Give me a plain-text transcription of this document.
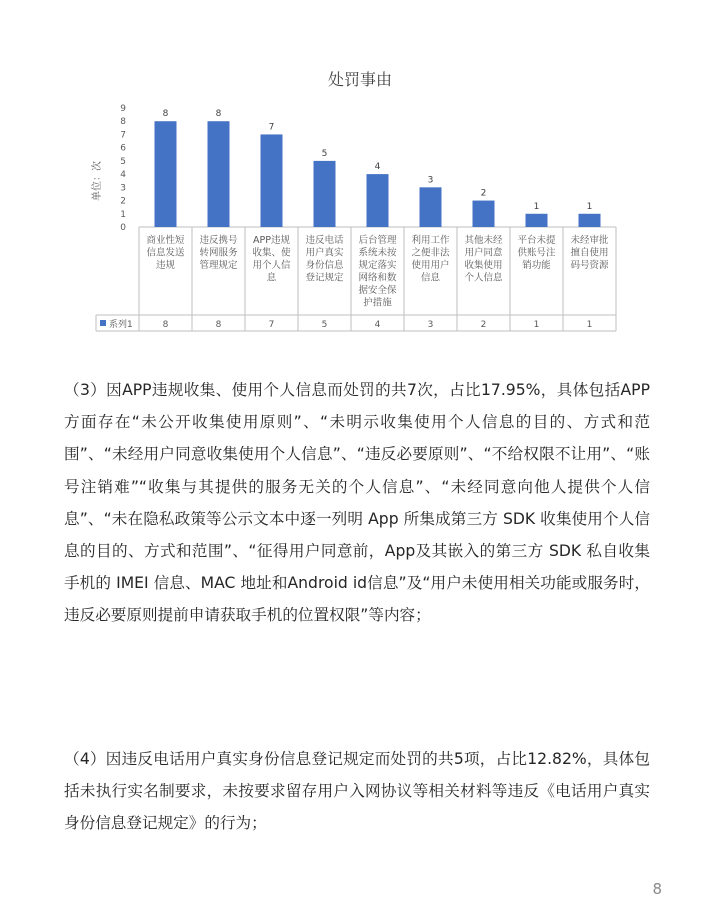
处罚事由
单位：次
0
1
2
3
4
5
6
7
8
9
8
商业性短信息发送违规
8
8
违反携号转网服务管理规定
8
7
APP违规收集、使用个人信息
7
5
违反电话用户真实身份信息登记规定
5
4
后台管理系统未按规定落实网络和数据安全保护措施
4
3
利用工作之便非法使用用户信息
3
2
其他未经用户同意收集使用个人信息
2
1
平台未提供账号注销功能
1
1
未经审批擅自使用码号资源
1
系列1

（3）因APP违规收集、使用个人信息而处罚的共7次，占比17.95%，具体包括APP方面存在“未公开收集使用原则”、“未明示收集使用个人信息的目的、方式和范围”、“未经用户同意收集使用个人信息”、“违反必要原则”、“不给权限不让用”、“账号注销难”“收集与其提供的服务无关的个人信息”、“未经同意向他人提供个人信息”、“未在隐私政策等公示文本中逐一列明 App 所集成第三方 SDK 收集使用个人信息的目的、方式和范围”、“征得用户同意前，App及其嵌入的第三方 SDK 私自收集手机的 IMEI 信息、MAC 地址和Android id信息”及“用户未使用相关功能或服务时，违反必要原则提前申请获取手机的位置权限”等内容；

（4）因违反电话用户真实身份信息登记规定而处罚的共5项，占比12.82%，具体包括未执行实名制要求，未按要求留存用户入网协议等相关材料等违反《电话用户真实身份信息登记规定》的行为；

8
